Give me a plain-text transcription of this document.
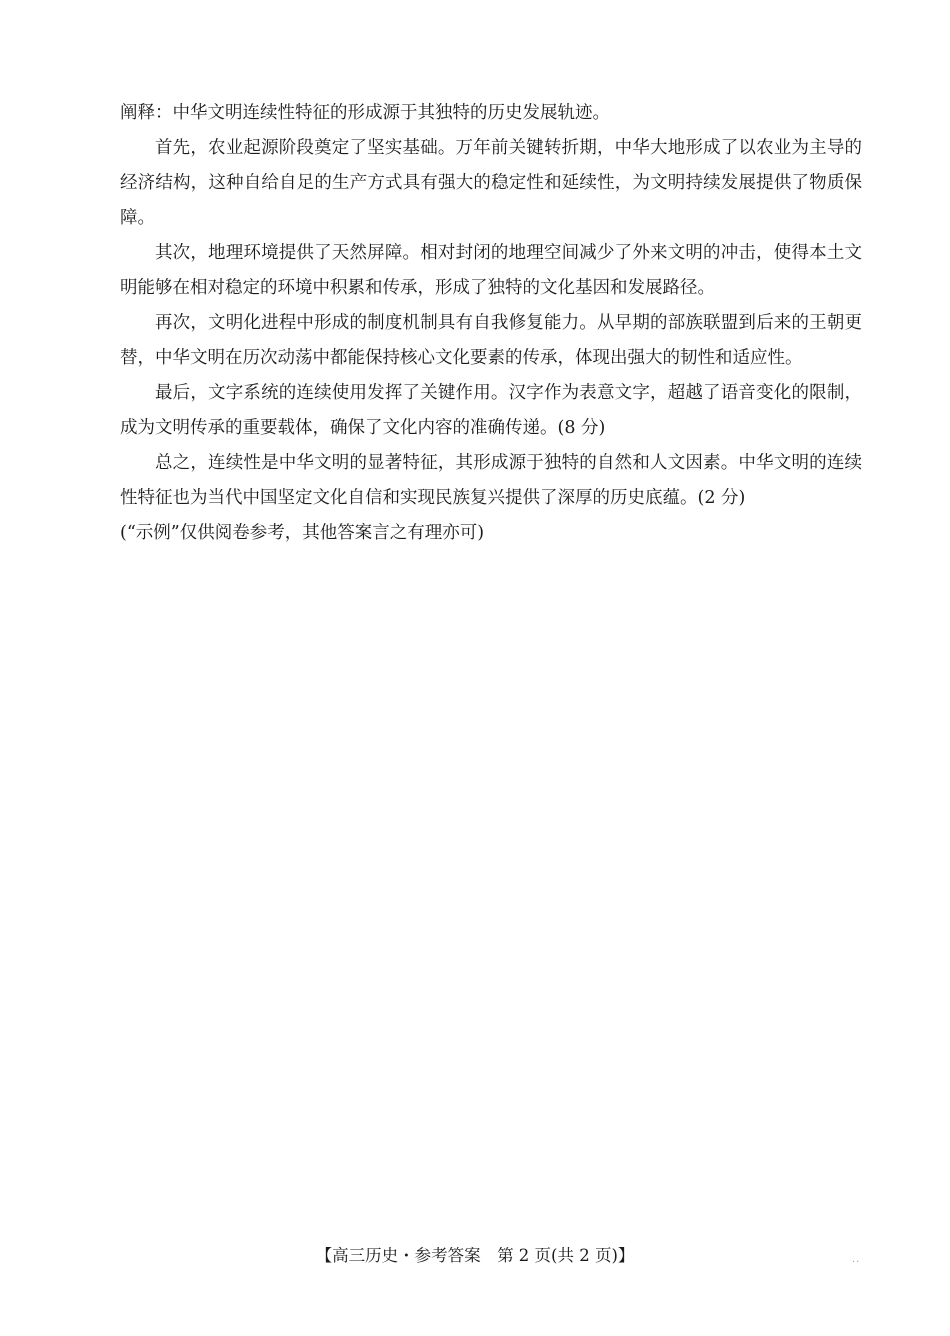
阐释：中华文明连续性特征的形成源于其独特的历史发展轨迹。

首先，农业起源阶段奠定了坚实基础。万年前关键转折期，中华大地形成了以农业为主导的经济结构，这种自给自足的生产方式具有强大的稳定性和延续性，为文明持续发展提供了物质保障。

其次，地理环境提供了天然屏障。相对封闭的地理空间减少了外来文明的冲击，使得本土文明能够在相对稳定的环境中积累和传承，形成了独特的文化基因和发展路径。

再次，文明化进程中形成的制度机制具有自我修复能力。从早期的部族联盟到后来的王朝更替，中华文明在历次动荡中都能保持核心文化要素的传承，体现出强大的韧性和适应性。

最后，文字系统的连续使用发挥了关键作用。汉字作为表意文字，超越了语音变化的限制，成为文明传承的重要载体，确保了文化内容的准确传递。(8 分)

总之，连续性是中华文明的显著特征，其形成源于独特的自然和人文因素。中华文明的连续性特征也为当代中国坚定文化自信和实现民族复兴提供了深厚的历史底蕴。(2 分)

(“示例”仅供阅卷参考，其他答案言之有理亦可)

【高三历史・参考答案　第 2 页(共 2 页)】	..
